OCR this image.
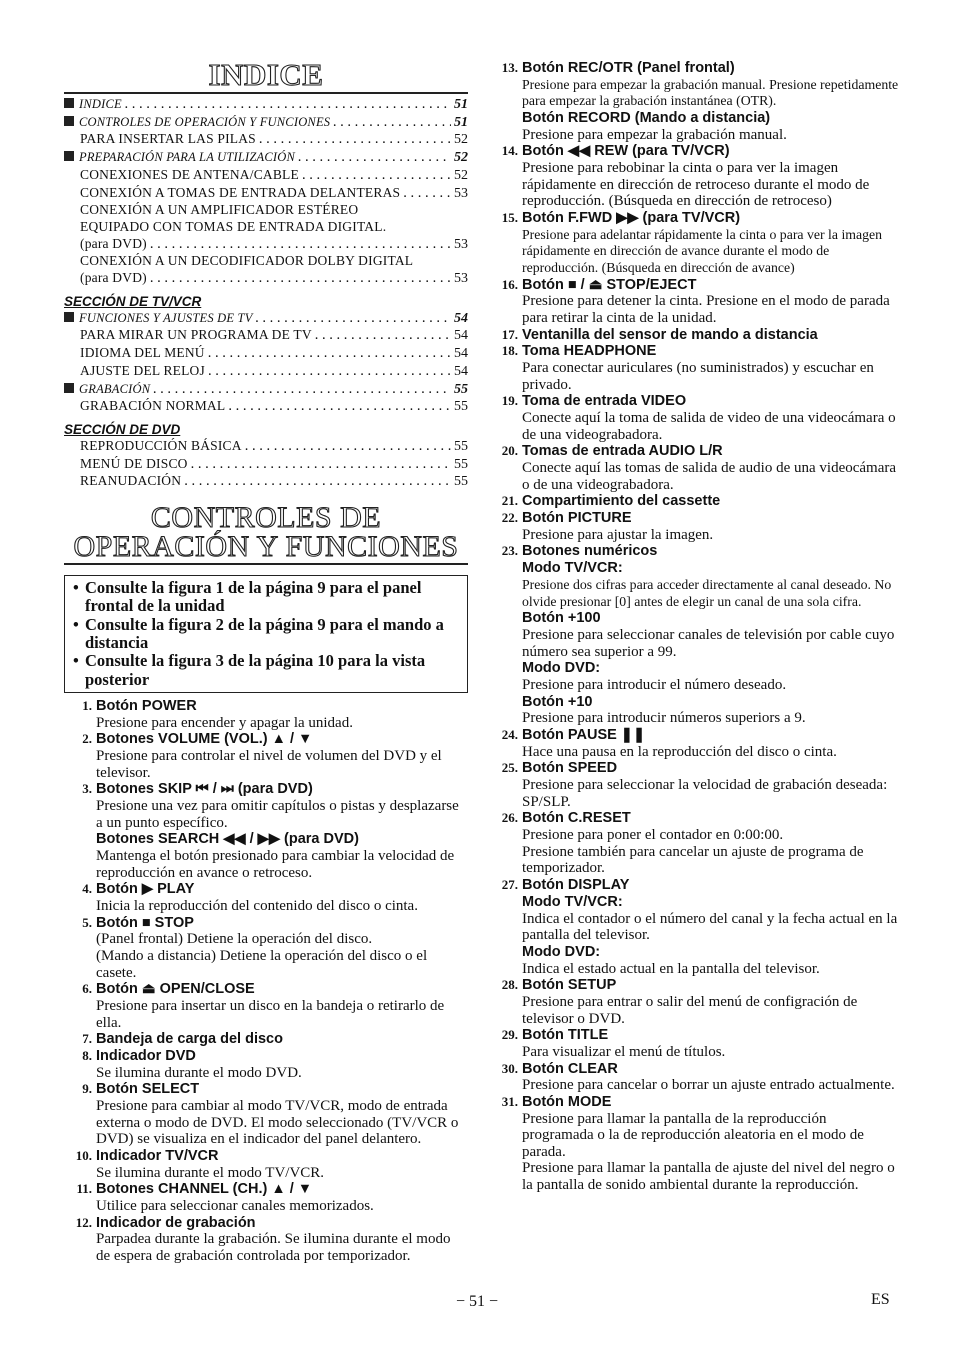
INDICE
INDICE . . .	51
CONTROLES DE OPERACIÓN Y FUNCIONES . . .	51
PARA INSERTAR LAS PILAS . . .	52
PREPARACIÓN PARA LA UTILIZACIÓN . . .	52
CONEXIONES DE ANTENA/CABLE . . .	52
CONEXIÓN A TOMAS DE ENTRADA DELANTERAS . . .	53
CONEXIÓN A UN AMPLIFICADOR ESTÉREO
EQUIPADO CON TOMAS DE ENTRADA DIGITAL.
(para DVD) . . .	53
CONEXIÓN A UN DECODIFICADOR DOLBY DIGITAL
(para DVD) . . .	53
SECCIÓN DE TV/VCR
FUNCIONES Y AJUSTES DE TV . . .	54
PARA MIRAR UN PROGRAMA DE TV . . .	54
IDIOMA DEL MENÚ . . .	54
AJUSTE DEL RELOJ . . .	54
GRABACIÓN . . .	55
GRABACIÓN NORMAL . . .	55
SECCIÓN DE DVD
REPRODUCCIÓN BÁSICA . . .	55
MENÚ DE DISCO . . .	55
REANUDACIÓN . . .	55
CONTROLES DE
OPERACIÓN Y FUNCIONES
• Consulte la figura 1 de la página 9 para el panel frontal de la unidad
• Consulte la figura 2 de la página 9 para el mando a distancia
• Consulte la figura 3 de la página 10 para la vista posterior
1. Botón POWER
Presione para encender y apagar la unidad.
2. Botones VOLUME (VOL.) ▲ / ▼
Presione para controlar el nivel de volumen del DVD y el televisor.
3. Botones SKIP ⏮ / ⏭ (para DVD)
Presione una vez para omitir capítulos o pistas y desplazarse a un punto específico.
Botones SEARCH ◀◀ / ▶▶ (para DVD)
Mantenga el botón presionado para cambiar la velocidad de reproducción en avance o retroceso.
4. Botón ▶ PLAY
Inicia la reproducción del contenido del disco o cinta.
5. Botón ■ STOP
(Panel frontal) Detiene la operación del disco.
(Mando a distancia) Detiene la operación del disco o el casete.
6. Botón ⏏ OPEN/CLOSE
Presione para insertar un disco en la bandeja o retirarlo de ella.
7. Bandeja de carga del disco
8. Indicador DVD
Se ilumina durante el modo DVD.
9. Botón SELECT
Presione para cambiar al modo TV/VCR, modo de entrada externa o modo de DVD. El modo seleccionado (TV/VCR o DVD) se visualiza en el indicador del panel delantero.
10. Indicador TV/VCR
Se ilumina durante el modo TV/VCR.
11. Botones CHANNEL (CH.) ▲ / ▼
Utilice para seleccionar canales memorizados.
12. Indicador de grabación
Parpadea durante la grabación. Se ilumina durante el modo de espera de grabación controlada por temporizador.
13. Botón REC/OTR (Panel frontal)
Presione para empezar la grabación manual. Presione repetidamente para empezar la grabación instantánea (OTR).
Botón RECORD (Mando a distancia)
Presione para empezar la grabación manual.
14. Botón ◀◀ REW (para TV/VCR)
Presione para rebobinar la cinta o para ver la imagen rápidamente en dirección de retroceso durante el modo de reproducción. (Búsqueda en dirección de retroceso)
15. Botón F.FWD ▶▶ (para TV/VCR)
Presione para adelantar rápidamente la cinta o para ver la imagen rápidamente en dirección de avance durante el modo de reproducción. (Búsqueda en dirección de avance)
16. Botón ■ / ⏏ STOP/EJECT
Presione para detener la cinta. Presione en el modo de parada para retirar la cinta de la unidad.
17. Ventanilla del sensor de mando a distancia
18. Toma HEADPHONE
Para conectar auriculares (no suministrados) y escuchar en privado.
19. Toma de entrada VIDEO
Conecte aquí la toma de salida de video de una videocámara o de una videograbadora.
20. Tomas de entrada AUDIO L/R
Conecte aquí las tomas de salida de audio de una videocámara o de una videograbadora.
21. Compartimiento del cassette
22. Botón PICTURE
Presione para ajustar la imagen.
23. Botones numéricos
Modo TV/VCR:
Presione dos cifras para acceder directamente al canal deseado. No olvide presionar [0] antes de elegir un canal de una sola cifra.
Botón +100
Presione para seleccionar canales de televisión por cable cuyo número sea superior a 99.
Modo DVD:
Presione para introducir el número deseado.
Botón +10
Presione para introducir números superiors a 9.
24. Botón PAUSE ❚❚
Hace una pausa en la reproducción del disco o cinta.
25. Botón SPEED
Presione para seleccionar la velocidad de grabación deseada: SP/SLP.
26. Botón C.RESET
Presione para poner el contador en 0:00:00.
Presione también para cancelar un ajuste de programa de temporizador.
27. Botón DISPLAY
Modo TV/VCR:
Indica el contador o el número del canal y la fecha actual en la pantalla del televisor.
Modo DVD:
Indica el estado actual en la pantalla del televisor.
28. Botón SETUP
Presione para entrar o salir del menú de configración de televisor o DVD.
29. Botón TITLE
Para visualizar el menú de títulos.
30. Botón CLEAR
Presione para cancelar o borrar un ajuste entrado actualmente.
31. Botón MODE
Presione para llamar la pantalla de la reproducción programada o la de reproducción aleatoria en el modo de parada.
Presione para llamar la pantalla de ajuste del nivel del negro o la pantalla de sonido ambiental durante la reproducción.
− 51 −	ES
